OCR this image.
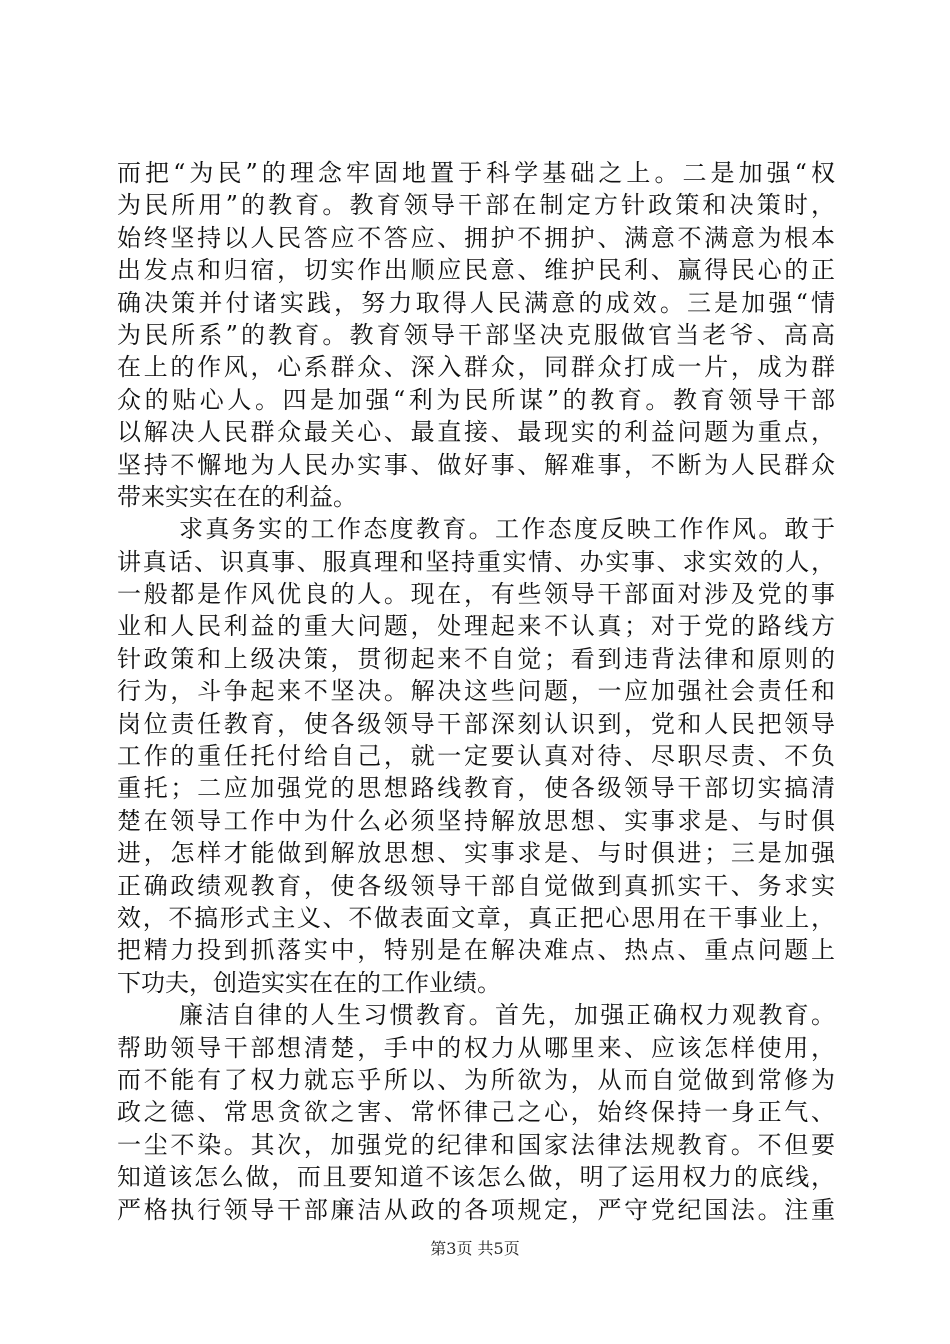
而把“为民”的理念牢固地置于科学基础之上。二是加强“权
为民所用”的教育。教育领导干部在制定方针政策和决策时，
始终坚持以人民答应不答应、拥护不拥护、满意不满意为根本
出发点和归宿，切实作出顺应民意、维护民利、赢得民心的正
确决策并付诸实践，努力取得人民满意的成效。三是加强“情
为民所系”的教育。教育领导干部坚决克服做官当老爷、高高
在上的作风，心系群众、深入群众，同群众打成一片，成为群
众的贴心人。四是加强“利为民所谋”的教育。教育领导干部
以解决人民群众最关心、最直接、最现实的利益问题为重点，
坚持不懈地为人民办实事、做好事、解难事，不断为人民群众
带来实实在在的利益。
求真务实的工作态度教育。工作态度反映工作作风。敢于
讲真话、识真事、服真理和坚持重实情、办实事、求实效的人，
一般都是作风优良的人。现在，有些领导干部面对涉及党的事
业和人民利益的重大问题，处理起来不认真；对于党的路线方
针政策和上级决策，贯彻起来不自觉；看到违背法律和原则的
行为，斗争起来不坚决。解决这些问题，一应加强社会责任和
岗位责任教育，使各级领导干部深刻认识到，党和人民把领导
工作的重任托付给自己，就一定要认真对待、尽职尽责、不负
重托；二应加强党的思想路线教育，使各级领导干部切实搞清
楚在领导工作中为什么必须坚持解放思想、实事求是、与时俱
进，怎样才能做到解放思想、实事求是、与时俱进；三是加强
正确政绩观教育，使各级领导干部自觉做到真抓实干、务求实
效，不搞形式主义、不做表面文章，真正把心思用在干事业上，
把精力投到抓落实中，特别是在解决难点、热点、重点问题上
下功夫，创造实实在在的工作业绩。
廉洁自律的人生习惯教育。首先，加强正确权力观教育。
帮助领导干部想清楚，手中的权力从哪里来、应该怎样使用，
而不能有了权力就忘乎所以、为所欲为，从而自觉做到常修为
政之德、常思贪欲之害、常怀律己之心，始终保持一身正气、
一尘不染。其次，加强党的纪律和国家法律法规教育。不但要
知道该怎么做，而且要知道不该怎么做，明了运用权力的底线，
严格执行领导干部廉洁从政的各项规定，严守党纪国法。注重
第3页 共5页
